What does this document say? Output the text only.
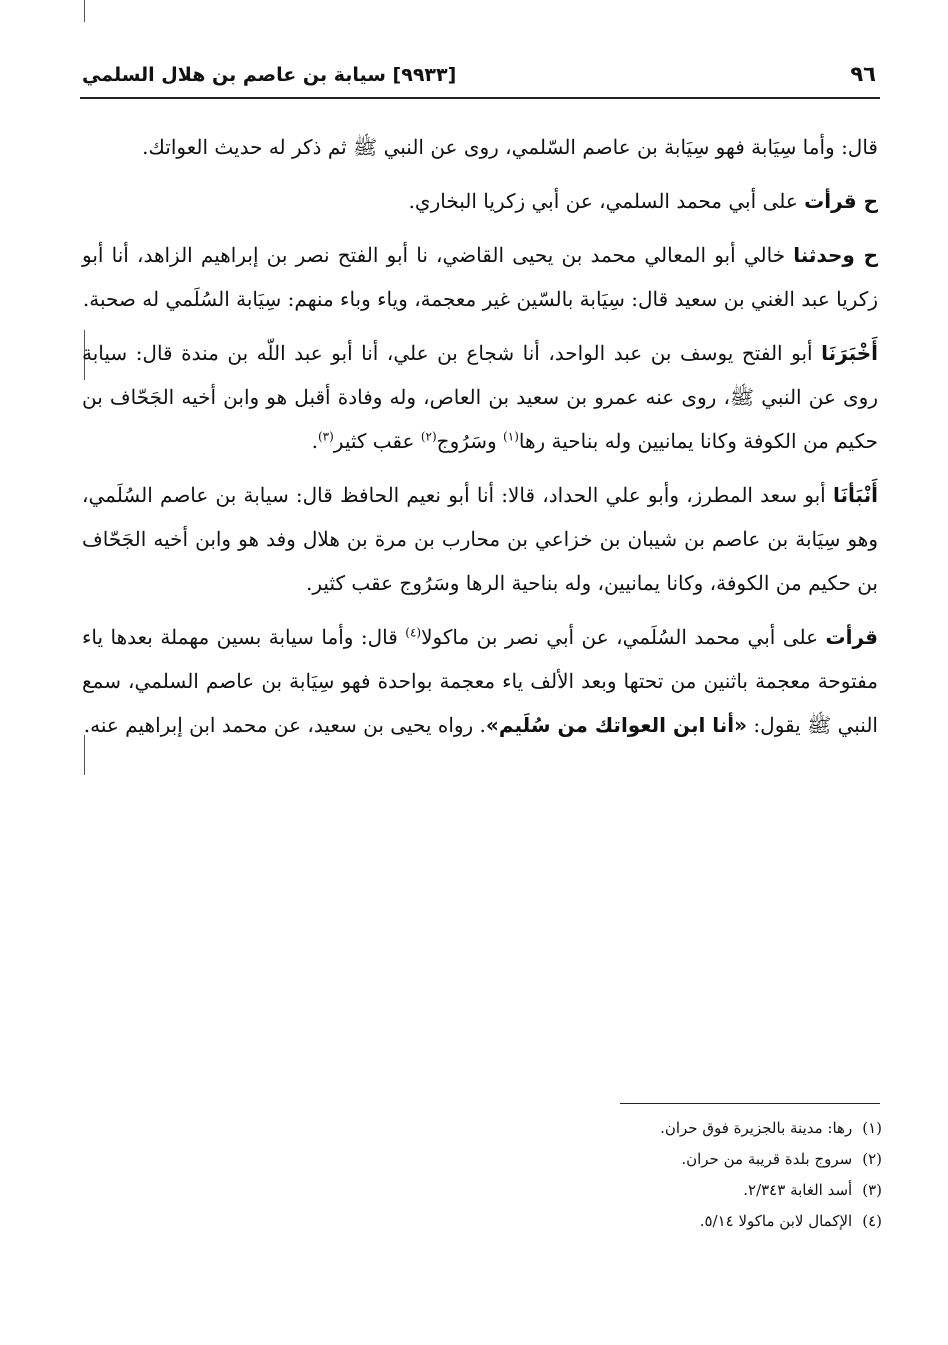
٩٦
[٩٩٣٣] سيابة بن عاصم بن هلال السلمي

قال: وأما سِيَابة فهو سِيَابة بن عاصم السّلمي، روى عن النبي ﷺ ثم ذكر له حديث العواتك.

ح قرأت على أبي محمد السلمي، عن أبي زكريا البخاري.

ح وحدثنا خالي أبو المعالي محمد بن يحيى القاضي، نا أبو الفتح نصر بن إبراهيم الزاهد، أنا أبو زكريا عبد الغني بن سعيد قال: سِيَابة بالسّين غير معجمة، وياء وباء منهم: سِيَابة السُلَمي له صحبة.

أَخْبَرَنَا أبو الفتح يوسف بن عبد الواحد، أنا شجاع بن علي، أنا أبو عبد اللّه بن مندة قال: سيابة روى عن النبي ﷺ، روى عنه عمرو بن سعيد بن العاص، وله وفادة أقبل هو وابن أخيه الجَحّاف بن حكيم من الكوفة وكانا يمانيين وله بناحية رها$^{(١)}$ وسَرُوج$^{(٢)}$ عقب كثير$^{(٣)}$.

أَنْبَأنَا أبو سعد المطرز، وأبو علي الحداد، قالا: أنا أبو نعيم الحافظ قال: سيابة بن عاصم السُلَمي، وهو سِيَابة بن عاصم بن شيبان بن خزاعي بن محارب بن مرة بن هلال وفد هو وابن أخيه الجَحّاف بن حكيم من الكوفة، وكانا يمانيين، وله بناحية الرها وسَرُوج عقب كثير.

قرأت على أبي محمد السُلَمي، عن أبي نصر بن ماكولا$^{(٤)}$ قال: وأما سيابة بسين مهملة بعدها ياء مفتوحة معجمة باثنين من تحتها وبعد الألف ياء معجمة بواحدة فهو سِيَابة بن عاصم السلمي، سمع النبي ﷺ يقول: «أنا ابن العواتك من سُلَيم». رواه يحيى بن سعيد، عن محمد ابن إبراهيم عنه.

(١)رها: مدينة بالجزيرة فوق حران.
(٢)سروج بلدة قريبة من حران.
(٣)أسد الغابة ٢/٣٤٣.
(٤)الإكمال لابن ماكولا ٥/١٤.
